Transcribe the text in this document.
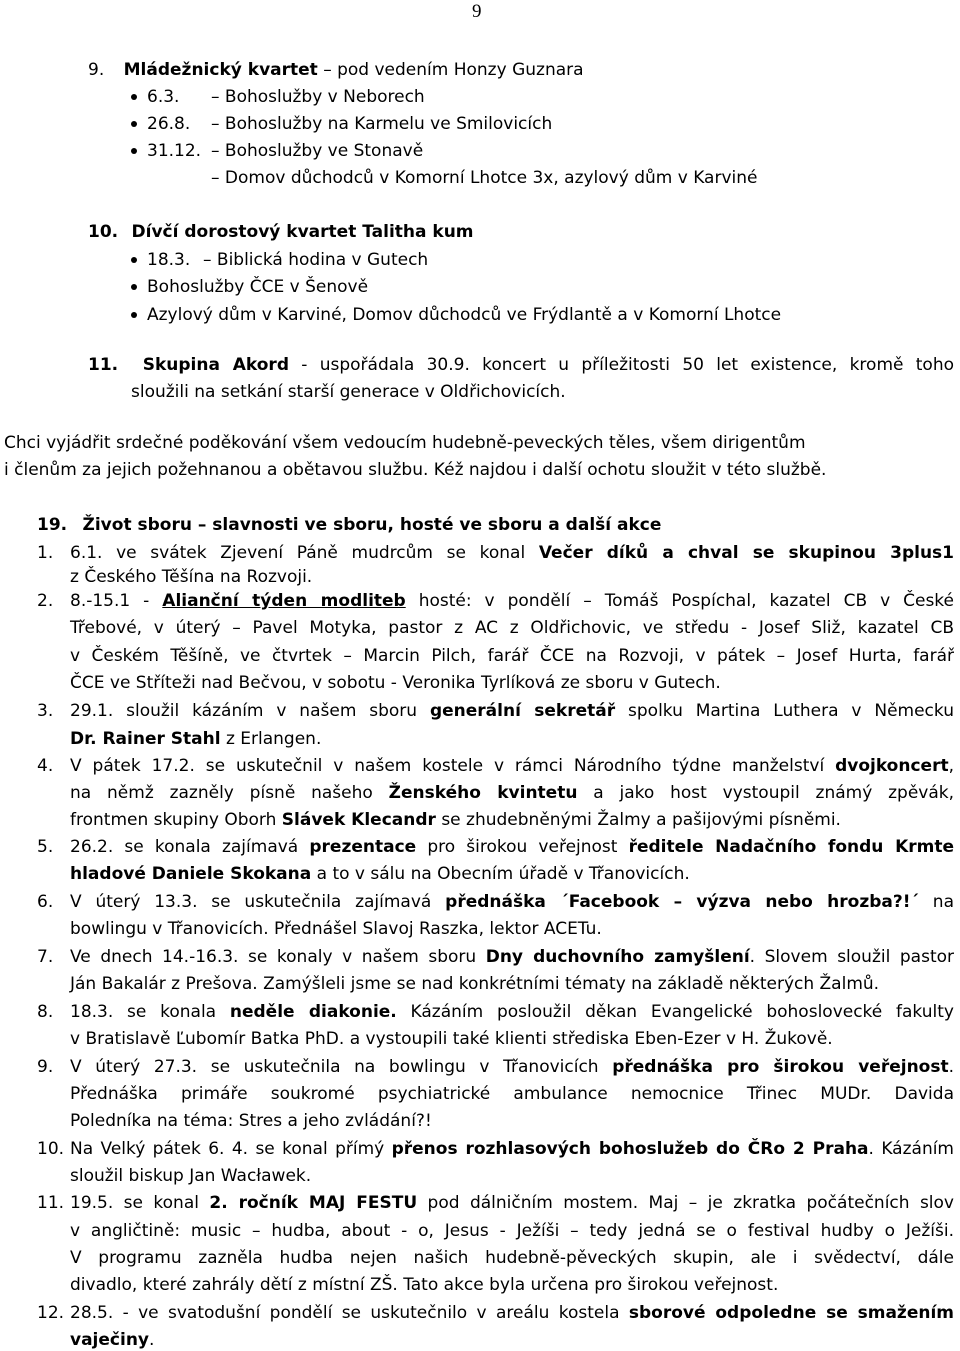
9
9. Mládežnický kvartet – pod vedením Honzy Guznara
6.3. – Bohoslužby v Neborech
26.8. – Bohoslužby na Karmelu ve Smilovicích
31.12. – Bohoslužby ve Stonavě
– Domov důchodců v Komorní Lhotce 3x, azylový dům v Karviné
10. Dívčí dorostový kvartet Talitha kum
18.3. – Biblická hodina v Gutech
Bohoslužby ČCE v Šenově
Azylový dům v Karviné, Domov důchodců ve Frýdlantě a v Komorní Lhotce
11. Skupina Akord - uspořádala 30.9. koncert u příležitosti 50 let existence, kromě toho
sloužili na setkání starší generace v Oldřichovicích.
Chci vyjádřit srdečné poděkování všem vedoucím hudebně-peveckých těles, všem dirigentům
i členům za jejich požehnanou a obětavou službu. Kéž najdou i další ochotu sloužit v této službě.
19. Život sboru – slavnosti ve sboru, hosté ve sboru a další akce
1. 6.1. ve svátek Zjevení Páně mudrcům se konal Večer díků a chval se skupinou 3plus1
z Českého Těšína na Rozvoji.
2. 8.-15.1 - Alianční týden modliteb hosté: v pondělí – Tomáš Pospíchal, kazatel CB v České
Třebové, v úterý – Pavel Motyka, pastor z AC z Oldřichovic, ve středu - Josef Sliž, kazatel CB
v Českém Těšíně, ve čtvrtek – Marcin Pilch, farář ČCE na Rozvoji, v pátek – Josef Hurta, farář
ČCE ve Stříteži nad Bečvou, v sobotu - Veronika Tyrlíková ze sboru v Gutech.
3. 29.1. sloužil kázáním v našem sboru generální sekretář spolku Martina Luthera v Německu
Dr. Rainer Stahl z Erlangen.
4. V pátek 17.2. se uskutečnil v našem kostele v rámci Národního týdne manželství dvojkoncert,
na němž zazněly písně našeho Ženského kvintetu a jako host vystoupil známý zpěvák,
frontmen skupiny Oborh Slávek Klecandr se zhudebněnými Žalmy a pašijovými písněmi.
5. 26.2. se konala zajímavá prezentace pro širokou veřejnost ředitele Nadačního fondu Krmte
hladové Daniele Skokana a to v sálu na Obecním úřadě v Třanovicích.
6. V úterý 13.3. se uskutečnila zajímavá přednáška ´Facebook – výzva nebo hrozba?!´ na
bowlingu v Třanovicích. Přednášel Slavoj Raszka, lektor ACETu.
7. Ve dnech 14.-16.3. se konaly v našem sboru Dny duchovního zamyšlení. Slovem sloužil pastor
Ján Bakalár z Prešova. Zamýšleli jsme se nad konkrétními tématy na základě některých Žalmů.
8. 18.3. se konala neděle diakonie. Kázáním posloužil děkan Evangelické bohoslovecké fakulty
v Bratislavě Ľubomír Batka PhD. a vystoupili také klienti střediska Eben-Ezer v H. Žukově.
9. V úterý 27.3. se uskutečnila na bowlingu v Třanovicích přednáška pro širokou veřejnost.
Přednáška primáře soukromé psychiatrické ambulance nemocnice Třinec MUDr. Davida
Poledníka na téma: Stres a jeho zvládání?!
10. Na Velký pátek 6. 4. se konal přímý přenos rozhlasových bohoslužeb do ČRo 2 Praha. Kázáním
sloužil biskup Jan Wacławek.
11. 19.5. se konal 2. ročník MAJ FESTU pod dálničním mostem. Maj – je zkratka počátečních slov
v angličtině: music – hudba, about - o, Jesus - Ježíši – tedy jedná se o festival hudby o Ježíši.
V programu zazněla hudba nejen našich hudebně-pěveckých skupin, ale i svědectví, dále
divadlo, které zahrály dětí z místní ZŠ. Tato akce byla určena pro širokou veřejnost.
12. 28.5. - ve svatodušní pondělí se uskutečnilo v areálu kostela sborové odpoledne se smažením
vaječiny.
